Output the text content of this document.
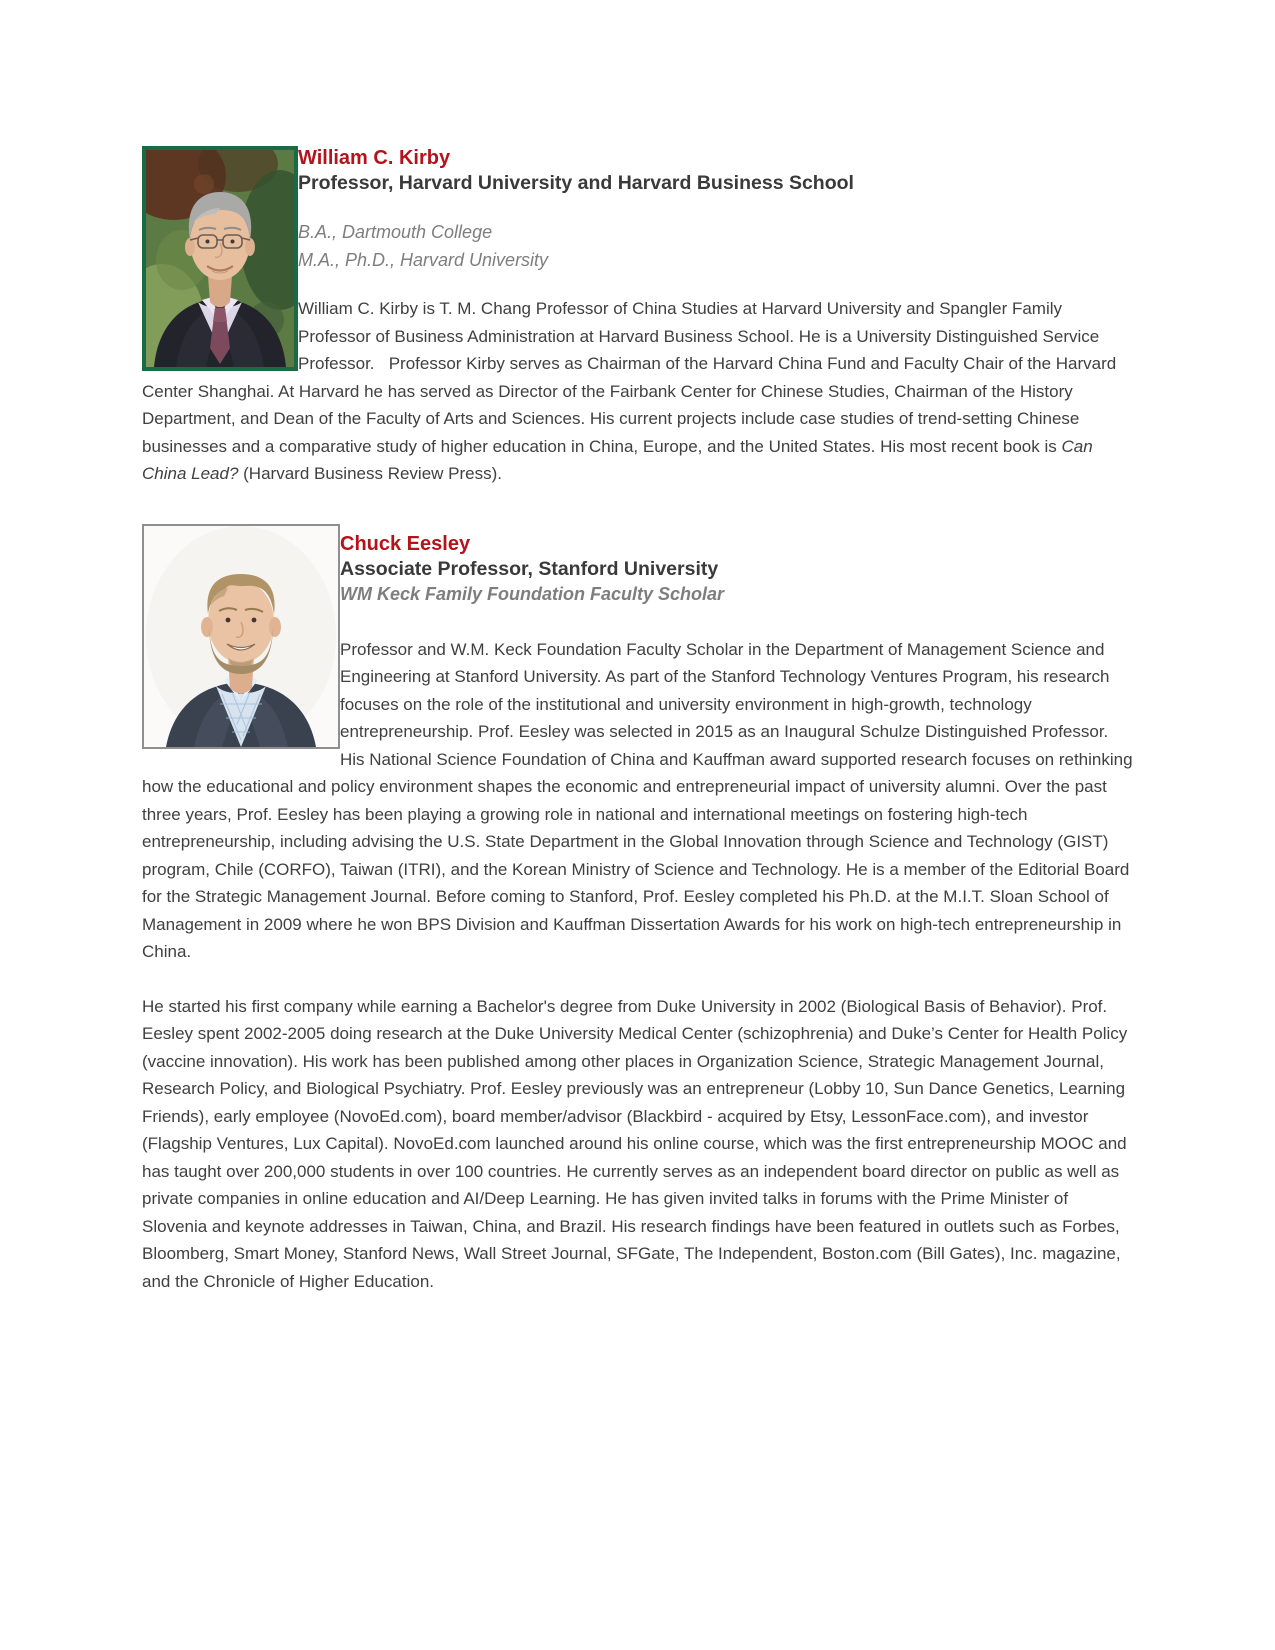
William C. Kirby
Professor, Harvard University and Harvard Business School

B.A., Dartmouth College
M.A., Ph.D., Harvard University

William C. Kirby is T. M. Chang Professor of China Studies at Harvard University and Spangler Family Professor of Business Administration at Harvard Business School. He is a University Distinguished Service Professor.   Professor Kirby serves as Chairman of the Harvard China Fund and Faculty Chair of the Harvard Center Shanghai. At Harvard he has served as Director of the Fairbank Center for Chinese Studies, Chairman of the History Department, and Dean of the Faculty of Arts and Sciences. His current projects include case studies of trend-setting Chinese businesses and a comparative study of higher education in China, Europe, and the United States. His most recent book is Can China Lead? (Harvard Business Review Press).

Chuck Eesley
Associate Professor, Stanford University

WM Keck Family Foundation Faculty Scholar

Professor and W.M. Keck Foundation Faculty Scholar in the Department of Management Science and Engineering at Stanford University. As part of the Stanford Technology Ventures Program, his research focuses on the role of the institutional and university environment in high-growth, technology entrepreneurship. Prof. Eesley was selected in 2015 as an Inaugural Schulze Distinguished Professor. His National Science Foundation of China and Kauffman award supported research focuses on rethinking how the educational and policy environment shapes the economic and entrepreneurial impact of university alumni. Over the past three years, Prof. Eesley has been playing a growing role in national and international meetings on fostering high-tech entrepreneurship, including advising the U.S. State Department in the Global Innovation through Science and Technology (GIST) program, Chile (CORFO), Taiwan (ITRI), and the Korean Ministry of Science and Technology. He is a member of the Editorial Board for the Strategic Management Journal. Before coming to Stanford, Prof. Eesley completed his Ph.D. at the M.I.T. Sloan School of Management in 2009 where he won BPS Division and Kauffman Dissertation Awards for his work on high-tech entrepreneurship in China.

He started his first company while earning a Bachelor's degree from Duke University in 2002 (Biological Basis of Behavior). Prof. Eesley spent 2002-2005 doing research at the Duke University Medical Center (schizophrenia) and Duke’s Center for Health Policy (vaccine innovation). His work has been published among other places in Organization Science, Strategic Management Journal, Research Policy, and Biological Psychiatry. Prof. Eesley previously was an entrepreneur (Lobby 10, Sun Dance Genetics, Learning Friends), early employee (NovoEd.com), board member/advisor (Blackbird - acquired by Etsy, LessonFace.com), and investor (Flagship Ventures, Lux Capital). NovoEd.com launched around his online course, which was the first entrepreneurship MOOC and has taught over 200,000 students in over 100 countries. He currently serves as an independent board director on public as well as private companies in online education and AI/Deep Learning. He has given invited talks in forums with the Prime Minister of Slovenia and keynote addresses in Taiwan, China, and Brazil. His research findings have been featured in outlets such as Forbes, Bloomberg, Smart Money, Stanford News, Wall Street Journal, SFGate, The Independent, Boston.com (Bill Gates), Inc. magazine, and the Chronicle of Higher Education.
